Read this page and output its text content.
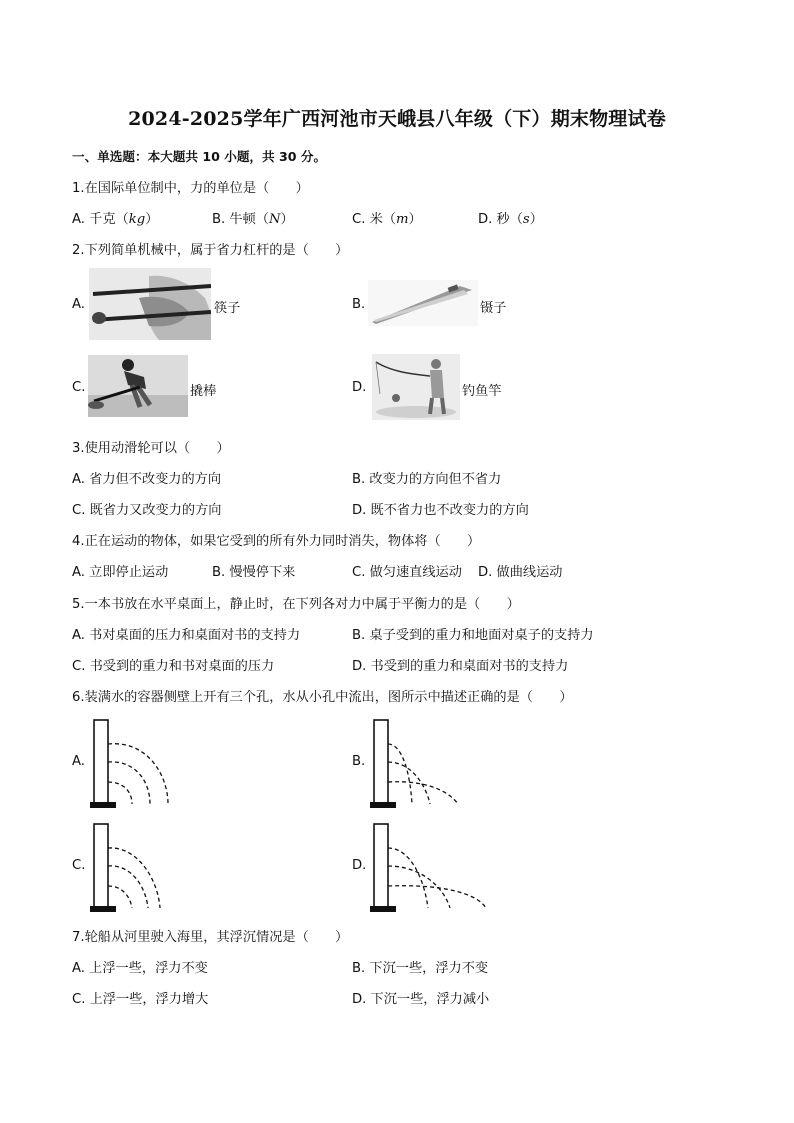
2024-2025学年广西河池市天峨县八年级（下）期末物理试卷
一、单选题：本大题共 10 小题，共 30 分。
1.在国际单位制中，力的单位是（　　）
A. 千克（kg）	B. 牛顿（N）	C. 米（m）	D. 秒（s）
2.下列简单机械中，属于省力杠杆的是（　　）
A.	筷子	B.	镊子
C.	撬棒	D.	钓鱼竿
3.使用动滑轮可以（　　）
A. 省力但不改变力的方向	B. 改变力的方向但不省力
C. 既省力又改变力的方向	D. 既不省力也不改变力的方向
4.正在运动的物体，如果它受到的所有外力同时消失，物体将（　　）
A. 立即停止运动	B. 慢慢停下来	C. 做匀速直线运动 D. 做曲线运动
5.一本书放在水平桌面上，静止时，在下列各对力中属于平衡力的是（　　）
A. 书对桌面的压力和桌面对书的支持力	B. 桌子受到的重力和地面对桌子的支持力
C. 书受到的重力和书对桌面的压力	D. 书受到的重力和桌面对书的支持力
6.装满水的容器侧壁上开有三个孔，水从小孔中流出，图所示中描述正确的是（　　）
A.	B.
C.	D.
7.轮船从河里驶入海里，其浮沉情况是（　　）
A. 上浮一些，浮力不变	B. 下沉一些，浮力不变
C. 上浮一些，浮力增大	D. 下沉一些，浮力减小
